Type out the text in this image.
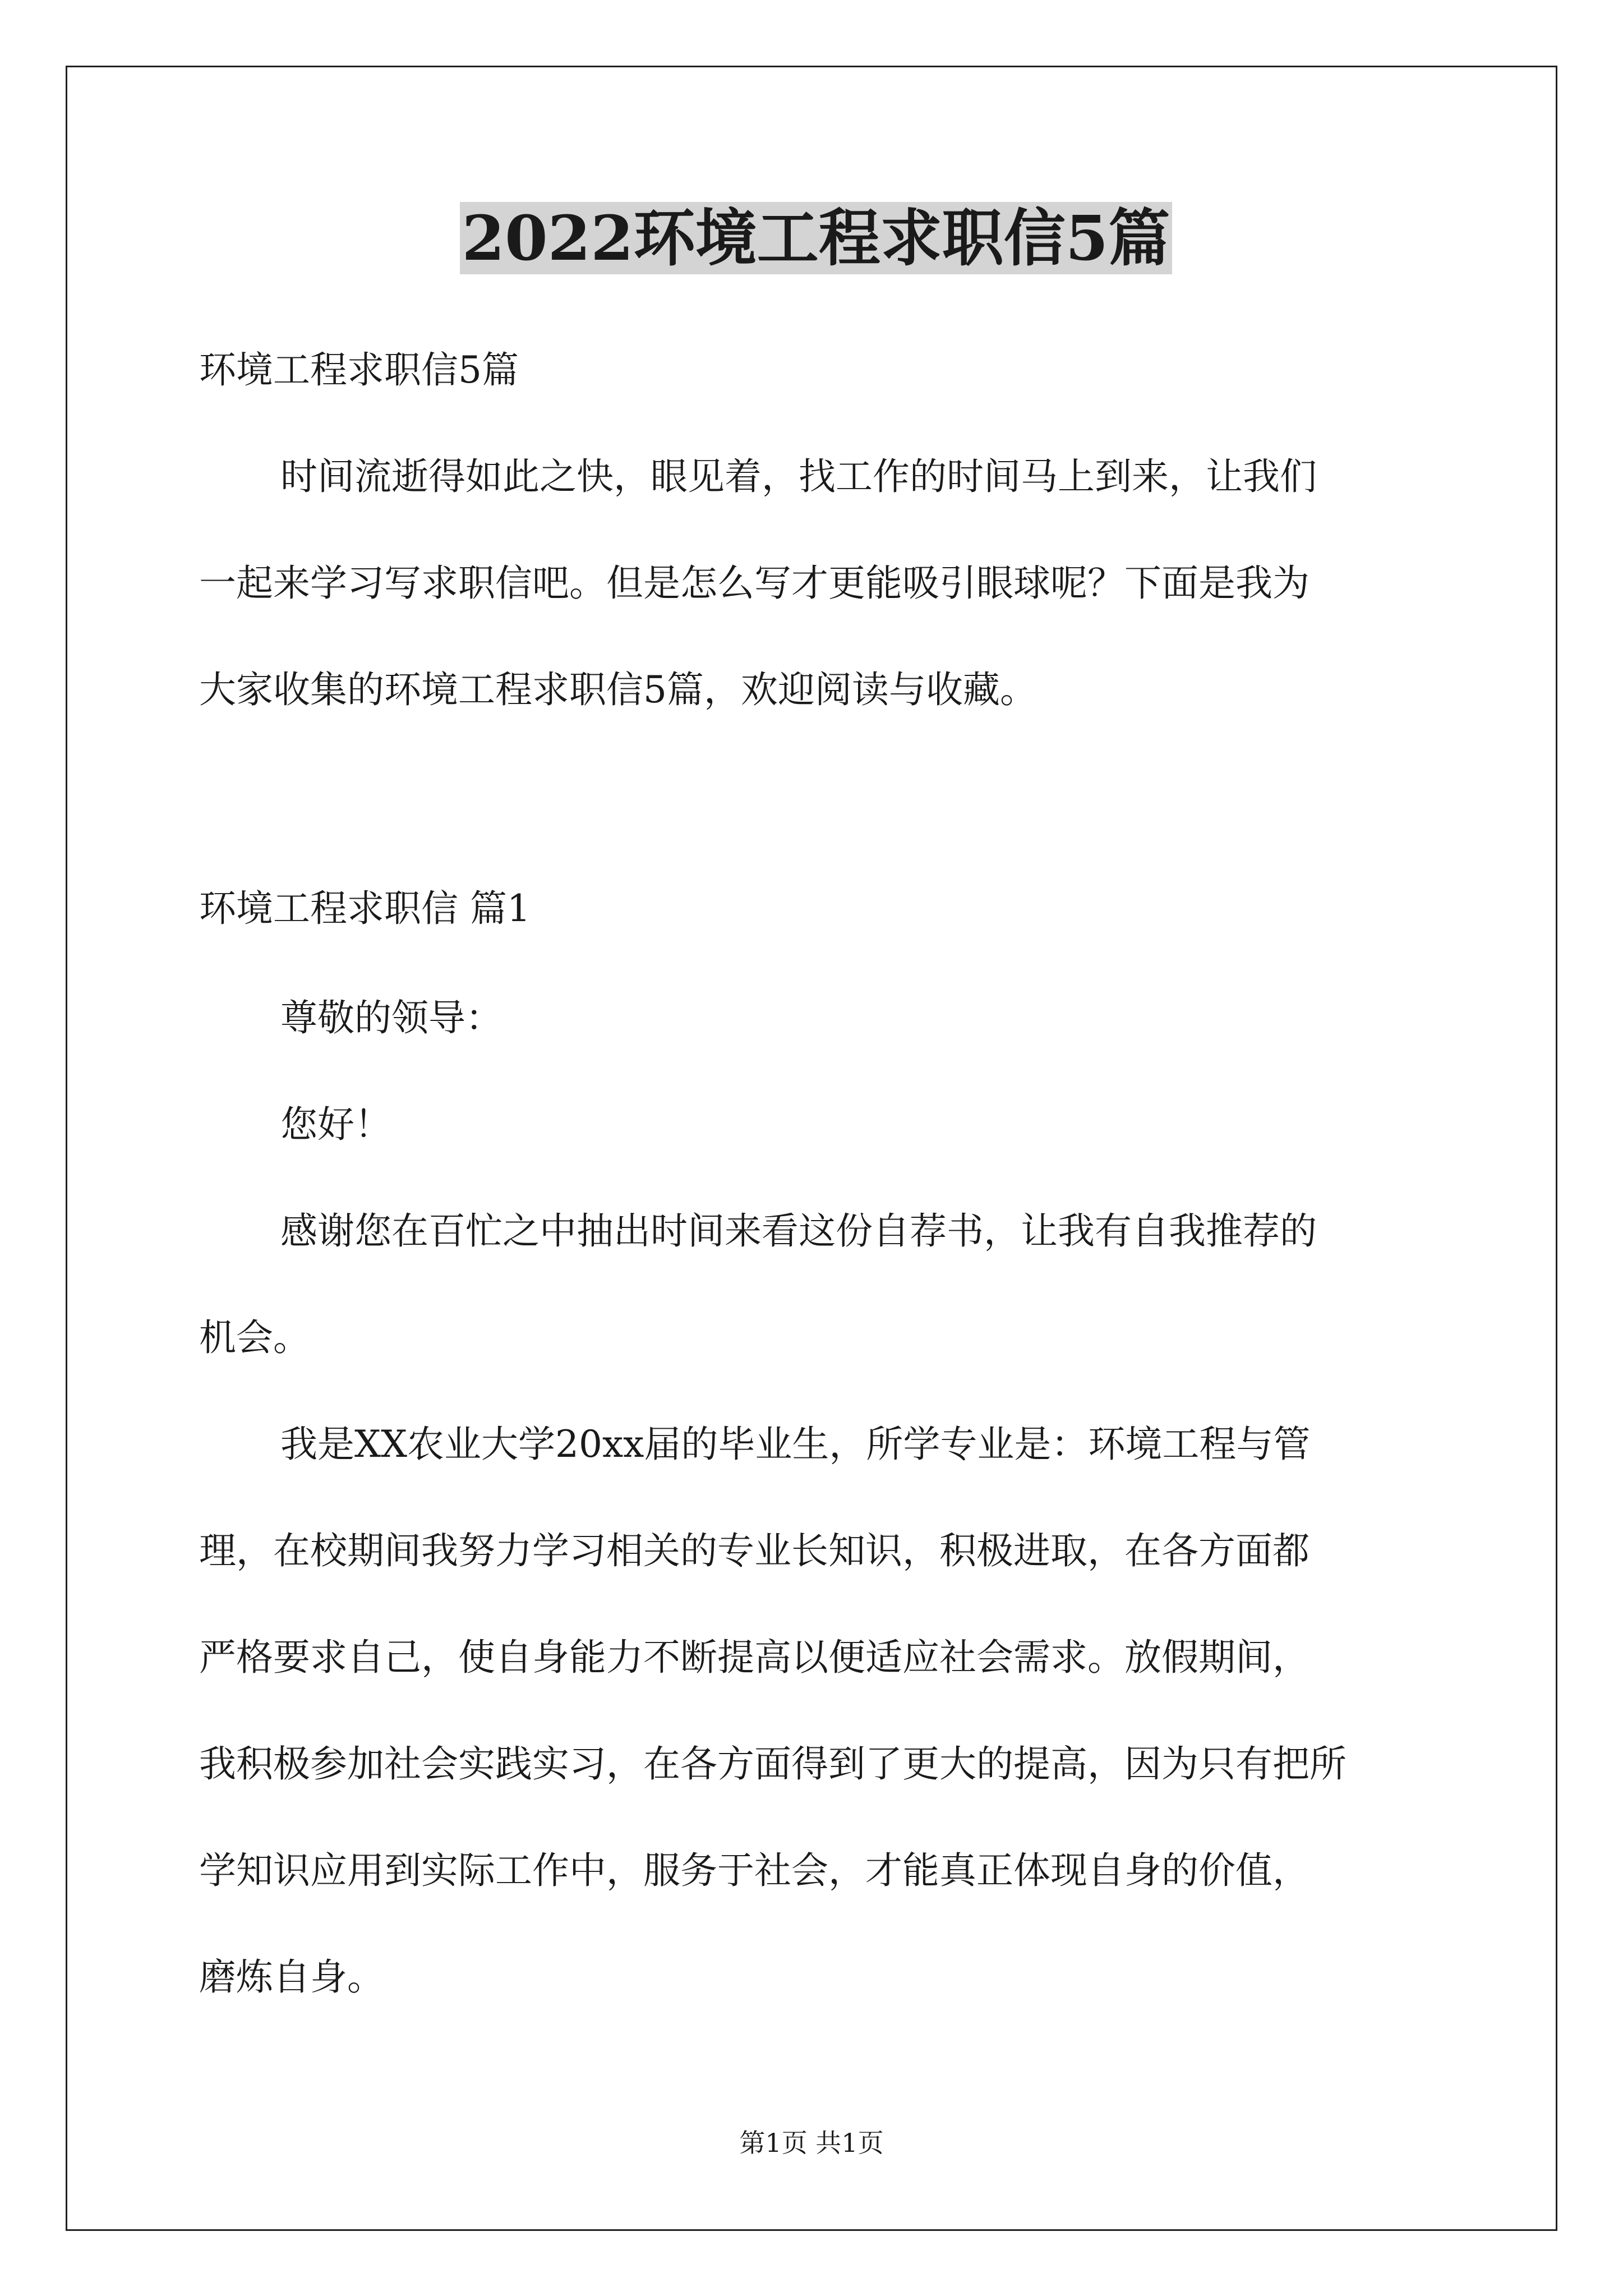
2022环境工程求职信5篇
环境工程求职信5篇
时间流逝得如此之快，眼见着，找工作的时间马上到来，让我们
一起来学习写求职信吧。但是怎么写才更能吸引眼球呢？下面是我为
大家收集的环境工程求职信5篇，欢迎阅读与收藏。
环境工程求职信 篇1
尊敬的领导：
您好！
感谢您在百忙之中抽出时间来看这份自荐书，让我有自我推荐的
机会。
我是XX农业大学20xx届的毕业生，所学专业是：环境工程与管
理，在校期间我努力学习相关的专业长知识，积极进取，在各方面都
严格要求自己，使自身能力不断提高以便适应社会需求。放假期间，
我积极参加社会实践实习，在各方面得到了更大的提高，因为只有把所
学知识应用到实际工作中，服务于社会，才能真正体现自身的价值，
磨炼自身。
第1页 共1页
